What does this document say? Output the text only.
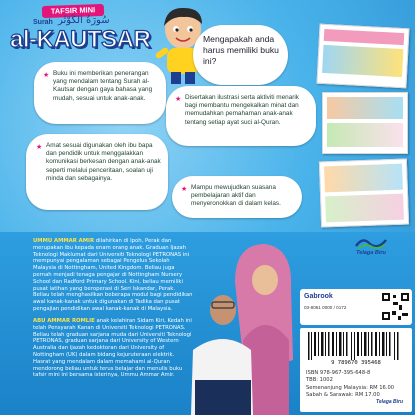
TAFSIR MINI
Surah سُورَةُ الكَوْثَر
al-KAUTSAR	Mengapakah anda harus memiliki buku ini?
★ Buku ini memberikan penerangan yang mendalam tentang Surah al-Kautsar dengan gaya bahasa yang mudah, sesuai untuk anak-anak.	★ Disertakan ilustrasi serta aktiviti menarik bagi membantu mengekalkan minat dan memudahkan pemahaman anak-anak tentang setiap ayat suci al-Quran.
★ Amat sesuai digunakan oleh ibu bapa dan pendidik untuk menggalakkan komunikasi berkesan dengan anak-anak seperti melalui penceritaan, soalan uji minda dan sebagainya.
★ Mampu mewujudkan suasana pembelajaran aktif dan menyeronokkan di dalam kelas.
UMMU AMMAR AMIR dilahirkan di Ipoh, Perak dan merupakan ibu kepada enam orang anak. Graduan Ijazah Teknologi Maklumat dari Universiti Teknologi PETRONAS ini mempunyai pengalaman sebagai Pengelus Sekolah Malaysia di Nottingham, United Kingdom. Beliau juga pernah menjadi tenaga pengajar di Nottingham Nursery School dan Radford Primary School. Kini, beliau memiliki pusat latihan yang beroperasi di Seri Iskandar, Perak. Beliau telah menghasilkan beberapa modul bagi pendidikan awal kanak-kanak untuk digunakan di Tadika dan pusat pengajian pendidikan awal kanak-kanak di Malaysia.
ABU AMMAR ROMLIE anak kelahiran Sidam Kiri, Kedah ini telah Pensyarah Kanan di Universiti Teknologi PETRONAS. Beliau telah graduan sarjana muda dari Universiti Teknologi PETRONAS, graduan sarjana dari University of Western Australia dan ijazah kedoktoran dari University of Nottingham (UK) dalam bidang kejuruteraan elektrik. Hasrat yang mendalam dalam memahami al-Quran mendorong beliau untuk terus belajar dan menulis buku tafsir mini ini bersama isterinya, Ummu Ammar Amir.
Telaga Biru
Gabrook
03-8061 0000 / 0172
9 789670 395468
ISBN 978-967-395-648-8
TBB: 1002
Semenanjung Malaysia: RM 16.00
Sabah & Sarawak: RM 17.00
Telaga Biru
